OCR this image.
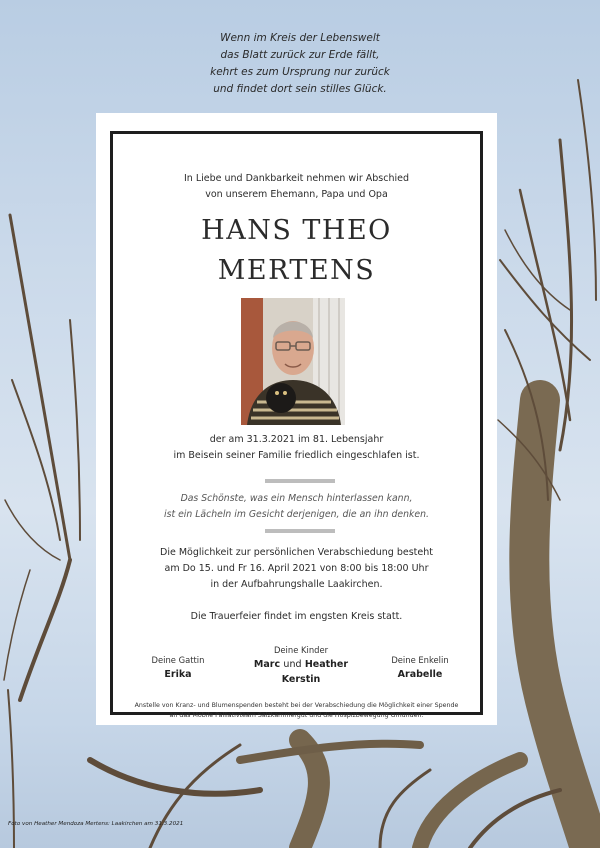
Wenn im Kreis der Lebenswelt
das Blatt zurück zur Erde fällt,
kehrt es zum Ursprung nur zurück
und findet dort sein stilles Glück.
In Liebe und Dankbarkeit nehmen wir Abschied
von unserem Ehemann, Papa und Opa
HANS THEO
MERTENS
der am 31.3.2021 im 81. Lebensjahr
im Beisein seiner Familie friedlich eingeschlafen ist.
Das Schönste, was ein Mensch hinterlassen kann,
ist ein Lächeln im Gesicht derjenigen, die an ihn denken.
Die Möglichkeit zur persönlichen Verabschiedung besteht
am Do 15. und Fr 16. April 2021 von 8:00 bis 18:00 Uhr
in der Aufbahrungshalle Laakirchen.
Die Trauerfeier findet im engsten Kreis statt.
Deine Gattin
Erika
Deine Kinder
Marc und Heather
Kerstin
Deine Enkelin
Arabelle
Anstelle von Kranz- und Blumenspenden besteht bei der Verabschiedung die Möglichkeit einer Spende
an das Mobile Palliativteam Salzkammergut und die Hospizbewegung Gmunden.
Foto von Heather Mendoza Mertens: Laakirchen am 31.3.2021
